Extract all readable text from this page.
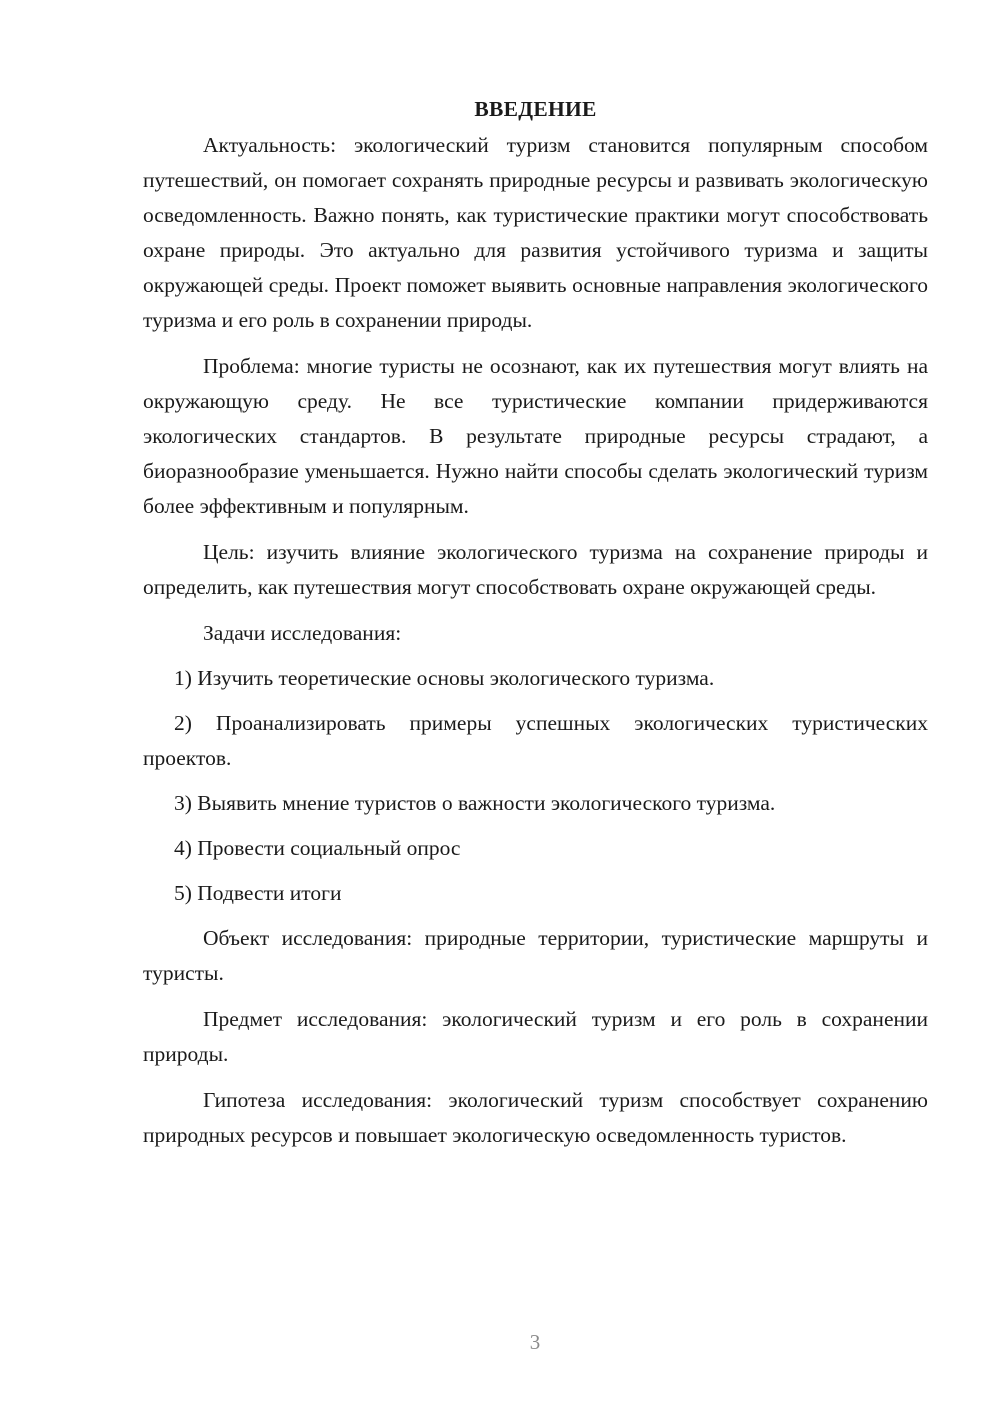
ВВЕДЕНИЕ

Актуальность: экологический туризм становится популярным способом путешествий, он помогает сохранять природные ресурсы и развивать экологическую осведомленность. Важно понять, как туристические практики могут способствовать охране природы. Это актуально для развития устойчивого туризма и защиты окружающей среды. Проект поможет выявить основные направления экологического туризма и его роль в сохранении природы.

Проблема: многие туристы не осознают, как их путешествия могут влиять на окружающую среду. Не все туристические компании придерживаются экологических стандартов. В результате природные ресурсы страдают, а биоразнообразие уменьшается. Нужно найти способы сделать экологический туризм более эффективным и популярным.

Цель: изучить влияние экологического туризма на сохранение природы и определить, как путешествия могут способствовать охране окружающей среды.

Задачи исследования:

1) Изучить теоретические основы экологического туризма.

2) Проанализировать примеры успешных экологических туристических проектов.

3) Выявить мнение туристов о важности экологического туризма.

4) Провести социальный опрос

5) Подвести итоги

Объект исследования: природные территории, туристические маршруты и туристы.

Предмет исследования: экологический туризм и его роль в сохранении природы.

Гипотеза исследования: экологический туризм способствует сохранению природных ресурсов и повышает экологическую осведомленность туристов.

3
